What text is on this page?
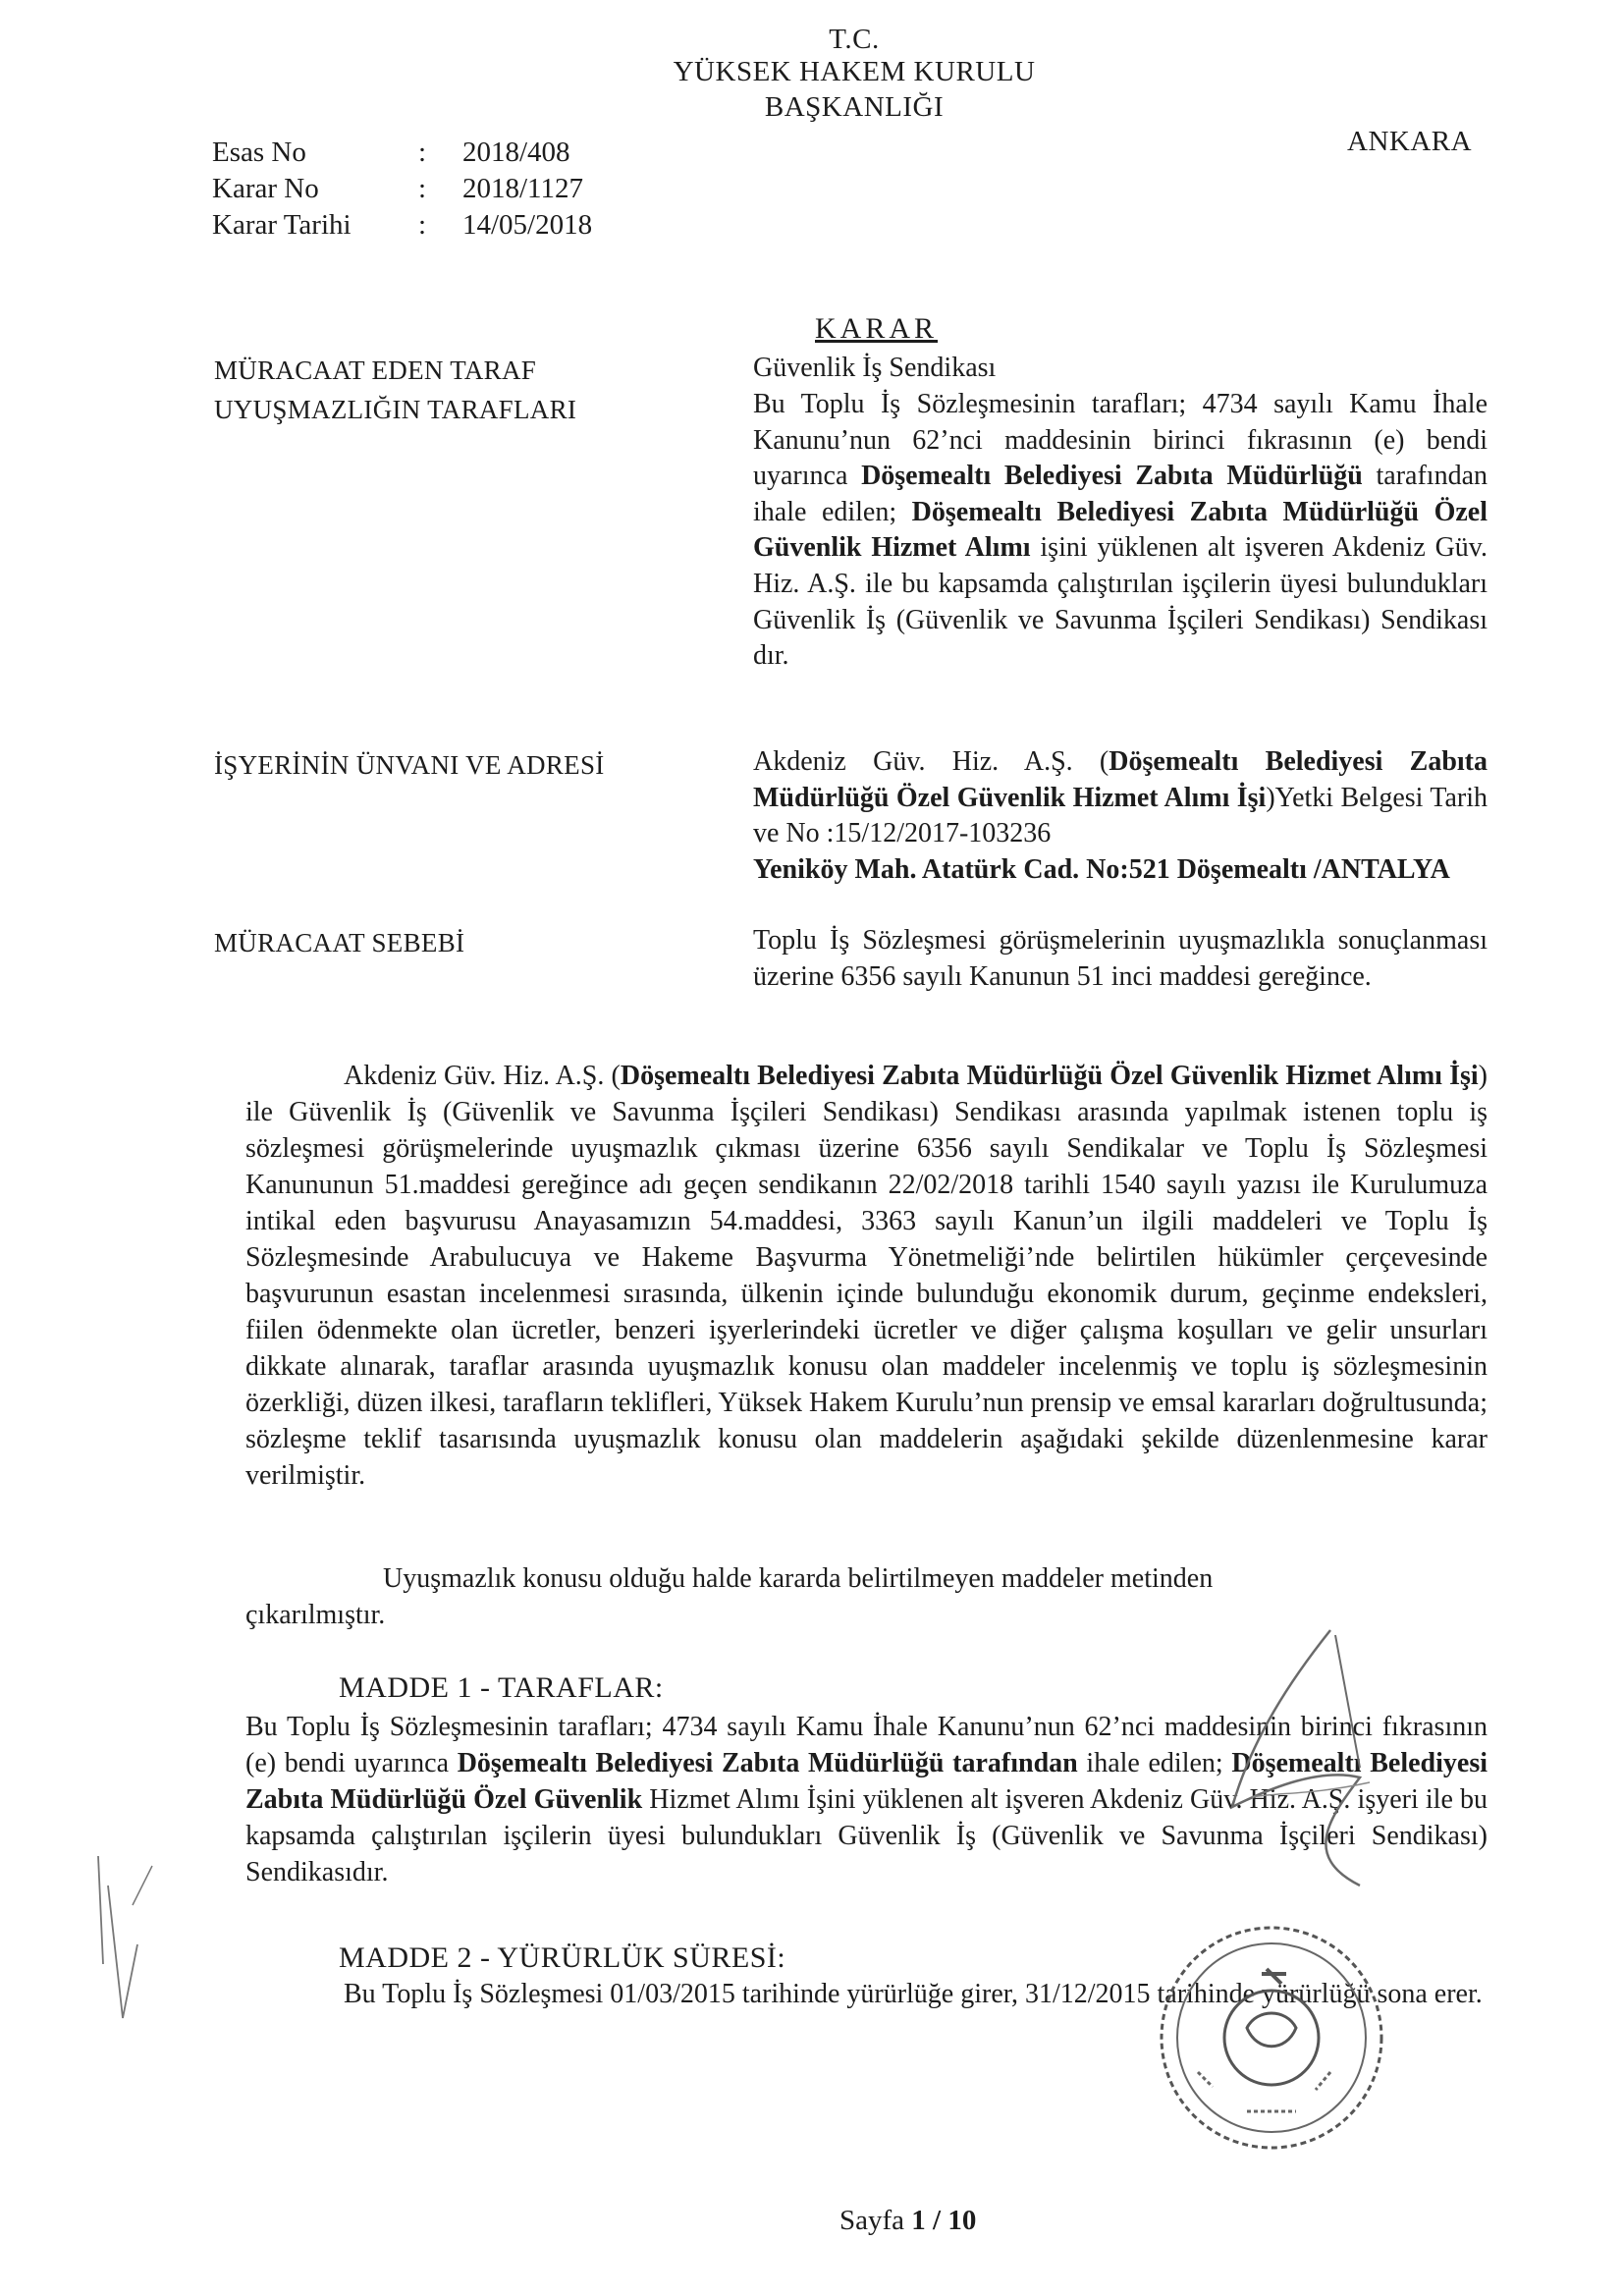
T.C.
YÜKSEK HAKEM KURULU
BAŞKANLIĞI
ANKARA
Esas No	: 2018/408
Karar No	: 2018/1127
Karar Tarihi : 14/05/2018
KARAR
MÜRACAAT EDEN TARAF
UYUŞMAZLIĞIN TARAFLARI
İŞYERİNİN ÜNVANI VE ADRESİ
MÜRACAAT SEBEBİ
Güvenlik İş Sendikası

Bu Toplu İş Sözleşmesinin tarafları; 4734 sayılı Kamu İhale Kanunu’nun 62’nci maddesinin birinci fıkrasının (e) bendi uyarınca Döşemealtı Belediyesi Zabıta Müdürlüğü tarafından ihale edilen; Döşemealtı Belediyesi Zabıta Müdürlüğü Özel Güvenlik Hizmet Alımı işini yüklenen alt işveren Akdeniz Güv. Hiz. A.Ş. ile bu kapsamda çalıştırılan işçilerin üyesi bulundukları Güvenlik İş (Güvenlik ve Savunma İşçileri Sendikası) Sendikası dır.

Akdeniz Güv. Hiz. A.Ş. (Döşemealtı Belediyesi Zabıta Müdürlüğü Özel Güvenlik Hizmet Alımı İşi)Yetki Belgesi Tarih ve No :15/12/2017-103236

Yeniköy Mah. Atatürk Cad. No:521 Döşemealtı /ANTALYA
Toplu İş Sözleşmesi görüşmelerinin uyuşmazlıkla sonuçlanması üzerine 6356 sayılı Kanunun 51 inci maddesi gereğince.

Akdeniz Güv. Hiz. A.Ş. (Döşemealtı Belediyesi Zabıta Müdürlüğü Özel Güvenlik Hizmet Alımı İşi) ile Güvenlik İş (Güvenlik ve Savunma İşçileri Sendikası) Sendikası arasında yapılmak istenen toplu iş sözleşmesi görüşmelerinde uyuşmazlık çıkması üzerine 6356 sayılı Sendikalar ve Toplu İş Sözleşmesi Kanununun 51.maddesi gereğince adı geçen sendikanın 22/02/2018 tarihli 1540 sayılı yazısı ile Kurulumuza intikal eden başvurusu Anayasamızın 54.maddesi, 3363 sayılı Kanun’un ilgili maddeleri ve Toplu İş Sözleşmesinde Arabulucuya ve Hakeme Başvurma Yönetmeliği’nde belirtilen hükümler çerçevesinde başvurunun esastan incelenmesi sırasında, ülkenin içinde bulunduğu ekonomik durum, geçinme endeksleri, fiilen ödenmekte olan ücretler, benzeri işyerlerindeki ücretler ve diğer çalışma koşulları ve gelir unsurları dikkate alınarak, taraflar arasında uyuşmazlık konusu olan maddeler incelenmiş ve toplu iş sözleşmesinin özerkliği, düzen ilkesi, tarafların teklifleri, Yüksek Hakem Kurulu’nun prensip ve emsal kararları doğrultusunda; sözleşme teklif tasarısında uyuşmazlık konusu olan maddelerin aşağıdaki şekilde düzenlenmesine karar verilmiştir.

Uyuşmazlık konusu olduğu halde kararda belirtilmeyen maddeler metinden

çıkarılmıştır.

MADDE 1 - TARAFLAR:

Bu Toplu İş Sözleşmesinin tarafları; 4734 sayılı Kamu İhale Kanunu’nun 62’nci maddesinin birinci fıkrasının (e) bendi uyarınca Döşemealtı Belediyesi Zabıta Müdürlüğü tarafından ihale edilen; Döşemealtı Belediyesi Zabıta Müdürlüğü Özel Güvenlik Hizmet Alımı İşini yüklenen alt işveren Akdeniz Güv. Hiz. A.Ş. işyeri ile bu kapsamda çalıştırılan işçilerin üyesi bulundukları Güvenlik İş (Güvenlik ve Savunma İşçileri Sendikası) Sendikasıdır.

MADDE 2 - YÜRÜRLÜK SÜRESİ:

Bu Toplu İş Sözleşmesi 01/03/2015 tarihinde yürürlüğe girer, 31/12/2015 tarihinde yürürlüğü sona erer.

Sayfa 1 / 10
